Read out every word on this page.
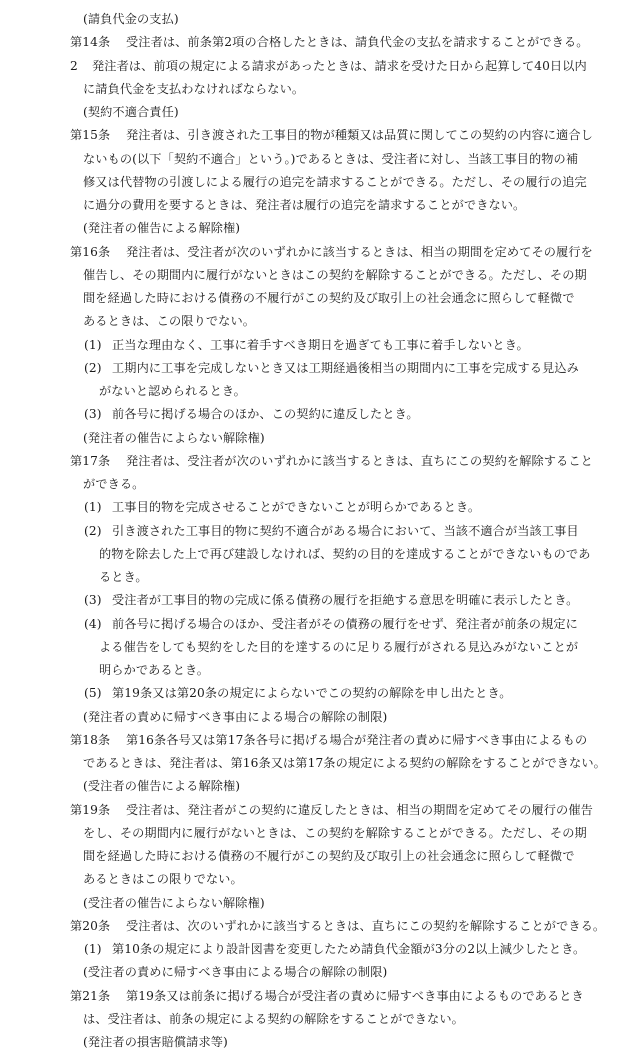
(請負代金の支払)
第14条 受注者は、前条第2項の合格したときは、請負代金の支払を請求することができる。
2 発注者は、前項の規定による請求があったときは、請求を受けた日から起算して40日以内
に請負代金を支払わなければならない。
(契約不適合責任)
第15条 発注者は、引き渡された工事目的物が種類又は品質に関してこの契約の内容に適合し
ないもの(以下「契約不適合」という。)であるときは、受注者に対し、当該工事目的物の補
修又は代替物の引渡しによる履行の追完を請求することができる。ただし、その履行の追完
に過分の費用を要するときは、発注者は履行の追完を請求することができない。
(発注者の催告による解除権)
第16条 発注者は、受注者が次のいずれかに該当するときは、相当の期間を定めてその履行を
催告し、その期間内に履行がないときはこの契約を解除することができる。ただし、その期
間を経過した時における債務の不履行がこの契約及び取引上の社会通念に照らして軽微で
あるときは、この限りでない。
(1) 正当な理由なく、工事に着手すべき期日を過ぎても工事に着手しないとき。
(2) 工期内に工事を完成しないとき又は工期経過後相当の期間内に工事を完成する見込み
がないと認められるとき。
(3) 前各号に掲げる場合のほか、この契約に違反したとき。
(発注者の催告によらない解除権)
第17条 発注者は、受注者が次のいずれかに該当するときは、直ちにこの契約を解除すること
ができる。
(1) 工事目的物を完成させることができないことが明らかであるとき。
(2) 引き渡された工事目的物に契約不適合がある場合において、当該不適合が当該工事目
的物を除去した上で再び建設しなければ、契約の目的を達成することができないものであ
るとき。
(3) 受注者が工事目的物の完成に係る債務の履行を拒絶する意思を明確に表示したとき。
(4) 前各号に掲げる場合のほか、受注者がその債務の履行をせず、発注者が前条の規定に
よる催告をしても契約をした目的を達するのに足りる履行がされる見込みがないことが
明らかであるとき。
(5) 第19条又は第20条の規定によらないでこの契約の解除を申し出たとき。
(発注者の責めに帰すべき事由による場合の解除の制限)
第18条 第16条各号又は第17条各号に掲げる場合が発注者の責めに帰すべき事由によるもの
であるときは、発注者は、第16条又は第17条の規定による契約の解除をすることができない。
(受注者の催告による解除権)
第19条 受注者は、発注者がこの契約に違反したときは、相当の期間を定めてその履行の催告
をし、その期間内に履行がないときは、この契約を解除することができる。ただし、その期
間を経過した時における債務の不履行がこの契約及び取引上の社会通念に照らして軽微で
あるときはこの限りでない。
(受注者の催告によらない解除権)
第20条 受注者は、次のいずれかに該当するときは、直ちにこの契約を解除することができる。
(1) 第10条の規定により設計図書を変更したため請負代金額が3分の2以上減少したとき。
(受注者の責めに帰すべき事由による場合の解除の制限)
第21条 第19条又は前条に掲げる場合が受注者の責めに帰すべき事由によるものであるとき
は、受注者は、前条の規定による契約の解除をすることができない。
(発注者の損害賠償請求等)
